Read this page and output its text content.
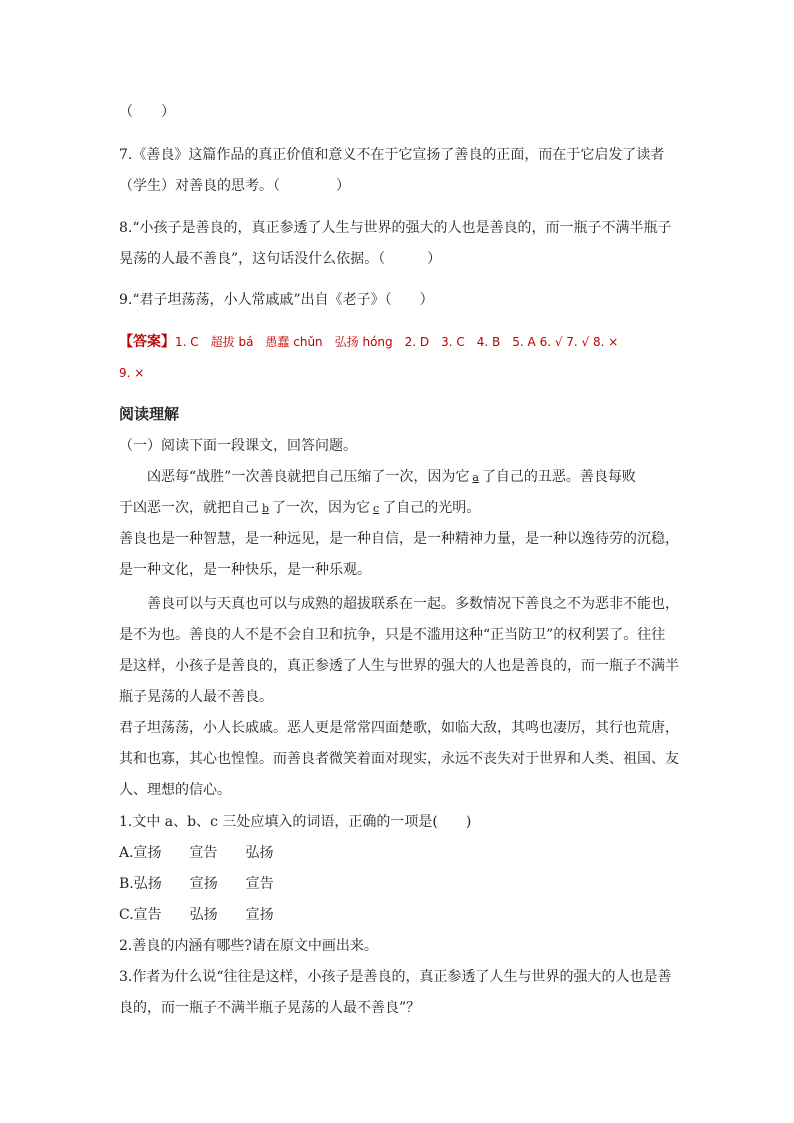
（　　）
7.《善良》这篇作品的真正价值和意义不在于它宣扬了善良的正面，而在于它启发了读者
（学生）对善良的思考。（　　　　）
8.“小孩子是善良的，真正参透了人生与世界的强大的人也是善良的，而一瓶子不满半瓶子
晃荡的人最不善良”，这句话没什么依据。（　　　）
9.“君子坦荡荡，小人常戚戚”出自《老子》（　　）
【答案】1. C　超拔 bá　愚蠢 chǔn　弘扬 hóng　2. D　3. C　4. B　5. A 6. √ 7. √ 8. ×
9. ×
阅读理解
（一）阅读下面一段课文，回答问题。
凶恶每“战胜”一次善良就把自己压缩了一次，因为它 a 了自己的丑恶。善良每败
于凶恶一次，就把自己 b 了一次，因为它 c 了自己的光明。
善良也是一种智慧，是一种远见，是一种自信，是一种精神力量，是一种以逸待劳的沉稳，
是一种文化，是一种快乐，是一种乐观。
善良可以与天真也可以与成熟的超拔联系在一起。多数情况下善良之不为恶非不能也，
是不为也。善良的人不是不会自卫和抗争，只是不滥用这种“正当防卫”的权利罢了。往往
是这样，小孩子是善良的，真正参透了人生与世界的强大的人也是善良的，而一瓶子不满半
瓶子晃荡的人最不善良。
君子坦荡荡，小人长戚戚。恶人更是常常四面楚歌，如临大敌，其鸣也凄厉，其行也荒唐，
其和也寡，其心也惶惶。而善良者微笑着面对现实，永远不丧失对于世界和人类、祖国、友
人、理想的信心。
1.文中 a、b、c 三处应填入的词语，正确的一项是(　　)
A.宣扬　　宣告　　弘扬
B.弘扬　　宣扬　　宣告
C.宣告　　弘扬　　宣扬
2.善良的内涵有哪些?请在原文中画出来。
3.作者为什么说“往往是这样，小孩子是善良的，真正参透了人生与世界的强大的人也是善
良的，而一瓶子不满半瓶子晃荡的人最不善良”？
